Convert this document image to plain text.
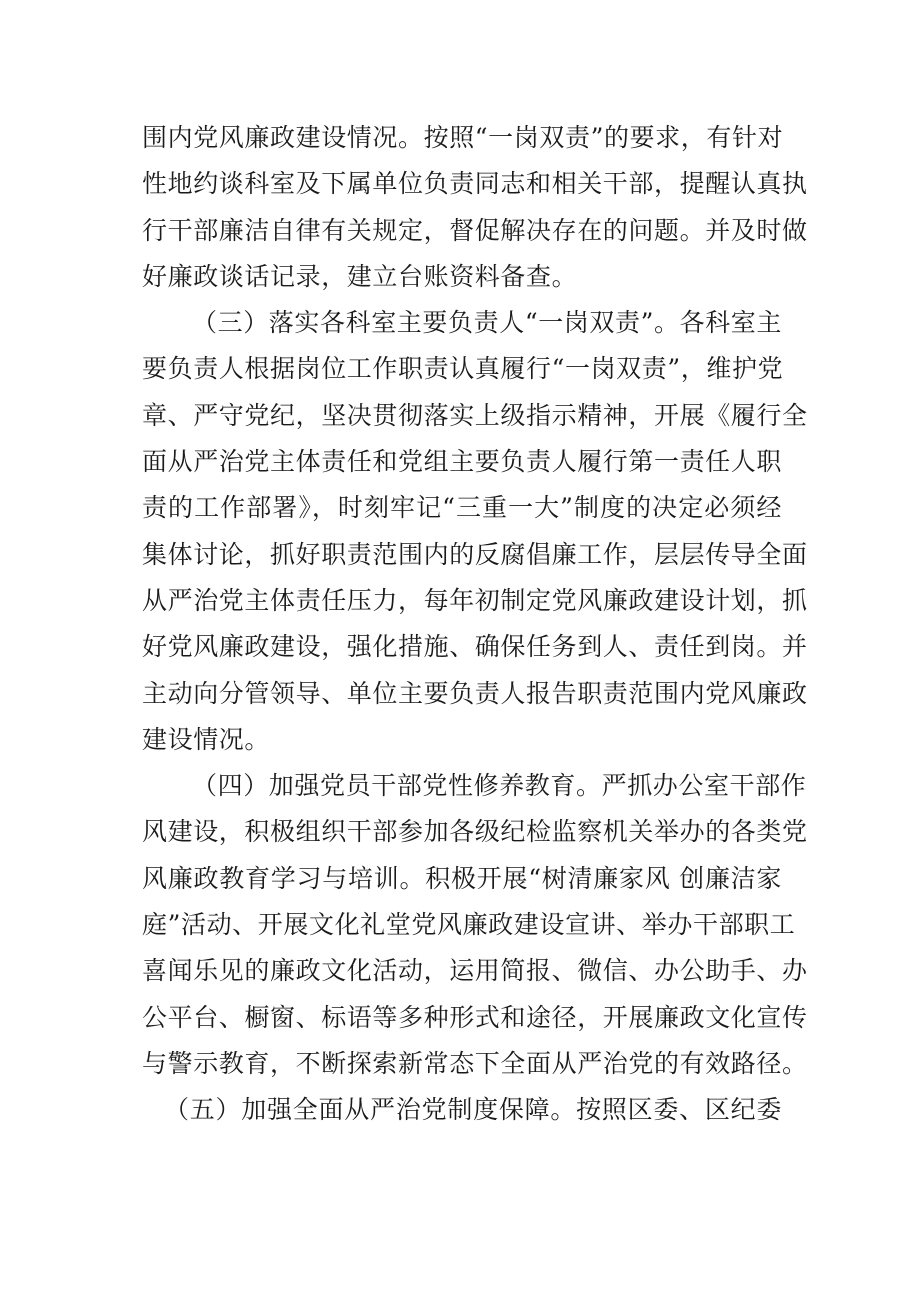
围内党风廉政建设情况。按照“一岗双责”的要求，有针对
性地约谈科室及下属单位负责同志和相关干部，提醒认真执
行干部廉洁自律有关规定，督促解决存在的问题。并及时做
好廉政谈话记录，建立台账资料备查。
（三）落实各科室主要负责人“一岗双责”。各科室主
要负责人根据岗位工作职责认真履行“一岗双责”，维护党
章、严守党纪，坚决贯彻落实上级指示精神，开展《履行全
面从严治党主体责任和党组主要负责人履行第一责任人职
责的工作部署》，时刻牢记“三重一大”制度的决定必须经
集体讨论，抓好职责范围内的反腐倡廉工作，层层传导全面
从严治党主体责任压力，每年初制定党风廉政建设计划，抓
好党风廉政建设，强化措施、确保任务到人、责任到岗。并
主动向分管领导、单位主要负责人报告职责范围内党风廉政
建设情况。
（四）加强党员干部党性修养教育。严抓办公室干部作
风建设，积极组织干部参加各级纪检监察机关举办的各类党
风廉政教育学习与培训。积极开展“树清廉家风 创廉洁家
庭”活动、开展文化礼堂党风廉政建设宣讲、举办干部职工
喜闻乐见的廉政文化活动，运用简报、微信、办公助手、办
公平台、橱窗、标语等多种形式和途径，开展廉政文化宣传
与警示教育，不断探索新常态下全面从严治党的有效路径。
（五）加强全面从严治党制度保障。按照区委、区纪委
